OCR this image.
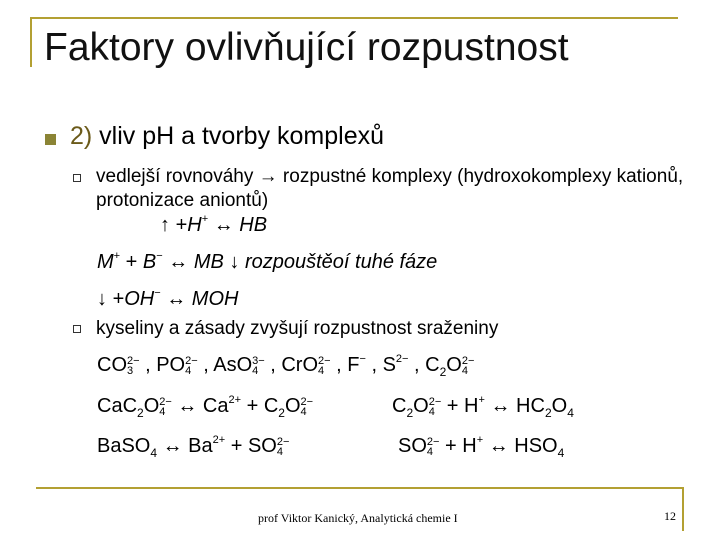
Faktory ovlivňující rozpustnost
2) vliv pH a tvorby komplexů
vedlejší rovnováhy → rozpustné komplexy (hydroxokomplexy kationů, protonizace aniontů)
↑ +H+ ↔ HB
M+ + B− ↔ MB ↓ rozpouštěoí tuhé fáze
↓ +OH− ↔ MOH
kyseliny a zásady zvyšují rozpustnost sraženiny
CO 2−
3 , PO 2−
4 , AsO 3−
4 , CrO 2−
4 , F− , $S^{2-}$ , $C_2O$ 2−
4
CaC$_2$O 2−
4 ↔ $Ca^{2+} + C_2O$ 2−
4	$C_2O$ 2−
4 + H+ ↔ $HC_2O_4$
BaSO$_4$ ↔ $Ba^{2+}$ + SO 2−
4	SO 2−
4 + H+ ↔ $HSO_4$
prof Viktor Kanický, Analytická chemie I	12
